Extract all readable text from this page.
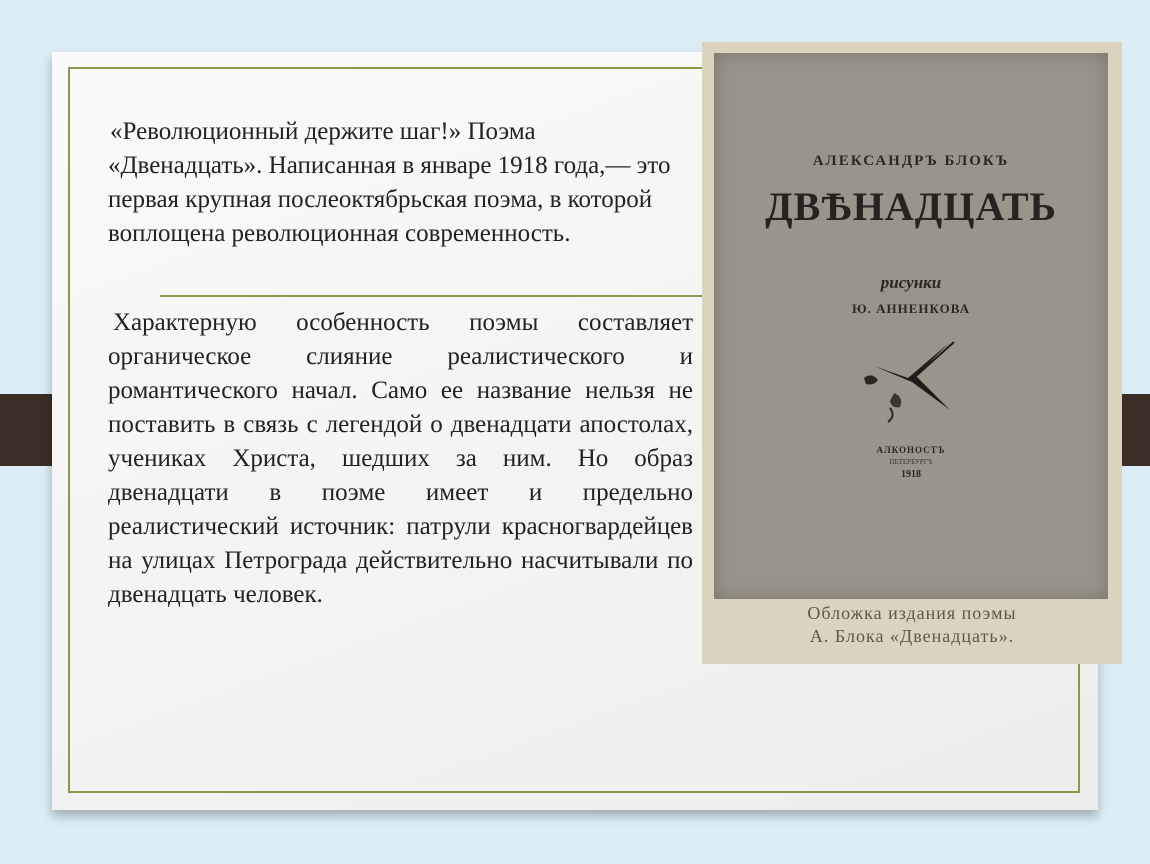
«Революционный держите шаг!» Поэма «Двенадцать». Написанная в январе 1918 года,— это первая крупная послеоктябрьская поэма, в которой воплощена революционная современность.

Характерную особенность поэмы составляет органическое слияние реалистического и романтического начал. Само ее название нельзя не поставить в связь с легендой о двенадцати апостолах, учениках Христа, шедших за ним. Но образ двенадцати в поэме имеет и предельно реалистический источник: патрули красногвардейцев на улицах Петрограда действительно насчитывали по двенадцать человек.

АЛЕКСАНДРЪ БЛОКЪ
ДВѢНАДЦАТЬ
рисунки
Ю. АННЕНКОВА
АЛКОНОСТЪ
ПЕТЕРБУРГЪ
1918
Обложка издания поэмы
А. Блока «Двенадцать».
